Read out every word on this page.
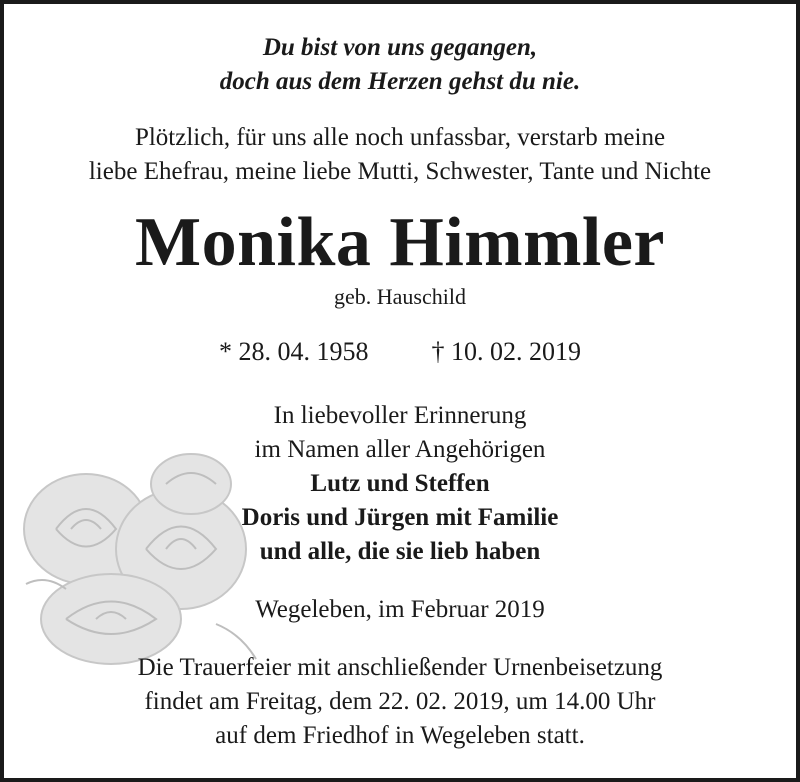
Du bist von uns gegangen,
doch aus dem Herzen gehst du nie.
Plötzlich, für uns alle noch unfassbar, verstarb meine
liebe Ehefrau, meine liebe Mutti, Schwester, Tante und Nichte
Monika Himmler
geb. Hauschild
* 28. 04. 1958 † 10. 02. 2019
In liebevoller Erinnerung
im Namen aller Angehörigen
Lutz und Steffen
Doris und Jürgen mit Familie
und alle, die sie lieb haben
Wegeleben, im Februar 2019
Die Trauerfeier mit anschließender Urnenbeisetzung
findet am Freitag, dem 22. 02. 2019, um 14.00 Uhr
auf dem Friedhof in Wegeleben statt.
